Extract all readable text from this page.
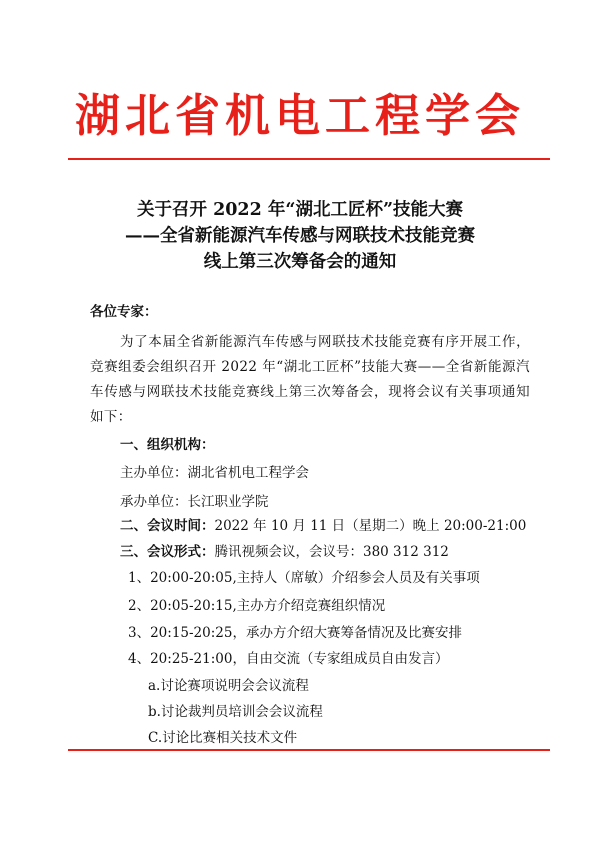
湖北省机电工程学会
关于召开 2022 年“湖北工匠杯”技能大赛
——全省新能源汽车传感与网联技术技能竞赛
线上第三次筹备会的通知
各位专家：
为了本届全省新能源汽车传感与网联技术技能竞赛有序开展工作，竞赛组委会组织召开 2022 年“湖北工匠杯”技能大赛——全省新能源汽车传感与网联技术技能竞赛线上第三次筹备会，现将会议有关事项通知如下：
一、组织机构：
主办单位：湖北省机电工程学会
承办单位：长江职业学院
二、会议时间：2022 年 10 月 11 日（星期二）晚上 20:00-21:00
三、会议形式：腾讯视频会议，会议号：380 312 312
1、20:00-20:05,主持人（席敏）介绍参会人员及有关事项
2、20:05-20:15,主办方介绍竞赛组织情况
3、20:15-20:25，承办方介绍大赛筹备情况及比赛安排
4、20:25-21:00，自由交流（专家组成员自由发言）
a.讨论赛项说明会会议流程
b.讨论裁判员培训会会议流程
C.讨论比赛相关技术文件
